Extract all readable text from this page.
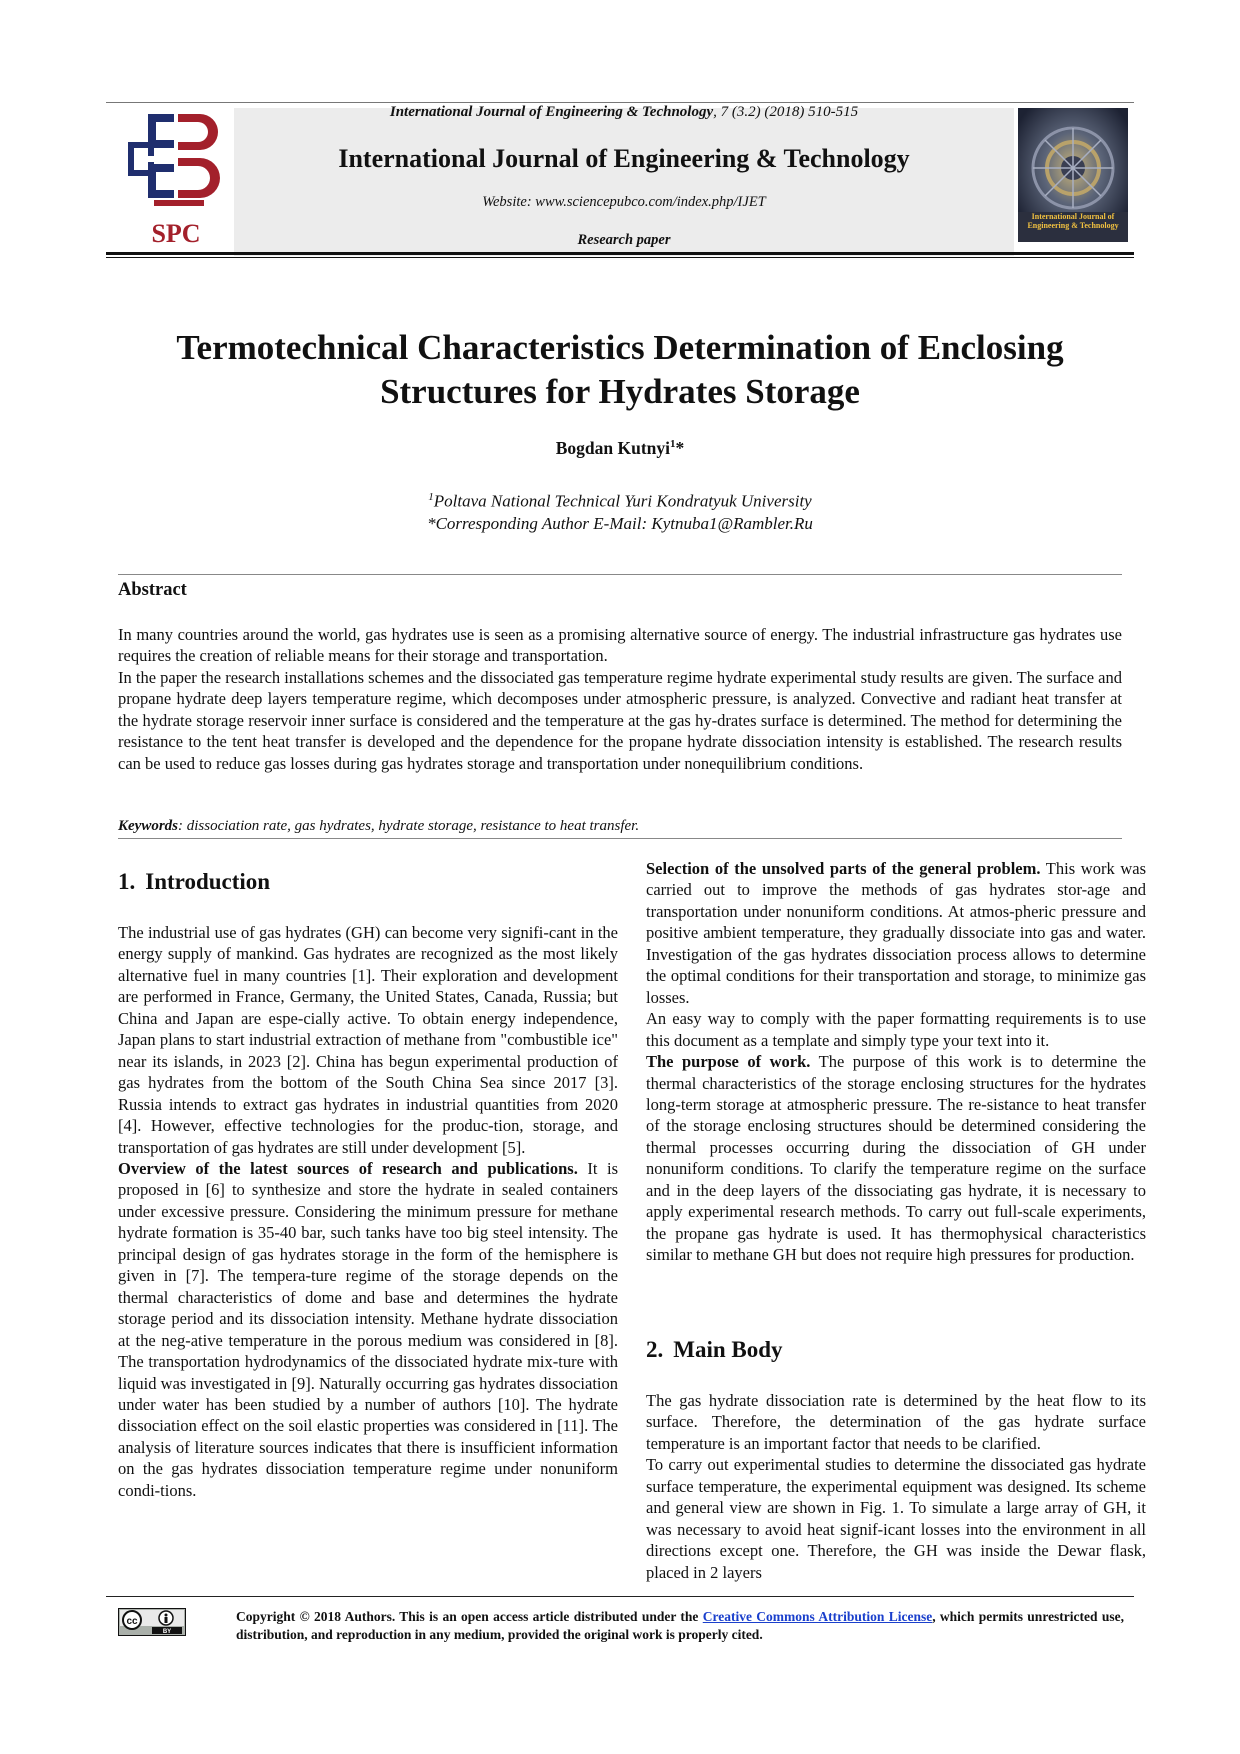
SPC
International Journal of Engineering & Technology
International Journal of Engineering & Technology, 7 (3.2) (2018) 510-515
International Journal of Engineering & Technology
Website: www.sciencepubco.com/index.php/IJET
Research paper
Termotechnical Characteristics Determination of Enclosing Structures for Hydrates Storage
Bogdan Kutnyi$^1$*
$^1$Poltava National Technical Yuri Kondratyuk University
*Corresponding Author E-Mail: Kytnuba1@Rambler.Ru
Abstract
In many countries around the world, gas hydrates use is seen as a promising alternative source of energy. The industrial infrastructure gas hydrates use requires the creation of reliable means for their storage and transportation.
In the paper the research installations schemes and the dissociated gas temperature regime hydrate experimental study results are given. The surface and propane hydrate deep layers temperature regime, which decomposes under atmospheric pressure, is analyzed. Convective and radiant heat transfer at the hydrate storage reservoir inner surface is considered and the temperature at the gas hy-drates surface is determined. The method for determining the resistance to the tent heat transfer is developed and the dependence for the propane hydrate dissociation intensity is established. The research results can be used to reduce gas losses during gas hydrates storage and transportation under nonequilibrium conditions.
Keywords: dissociation rate, gas hydrates, hydrate storage, resistance to heat transfer.
1. Introduction

The industrial use of gas hydrates (GH) can become very signifi-cant in the energy supply of mankind. Gas hydrates are recognized as the most likely alternative fuel in many countries [1]. Their exploration and development are performed in France, Germany, the United States, Canada, Russia; but China and Japan are espe-cially active. To obtain energy independence, Japan plans to start industrial extraction of methane from "combustible ice" near its islands, in 2023 [2]. China has begun experimental production of gas hydrates from the bottom of the South China Sea since 2017 [3]. Russia intends to extract gas hydrates in industrial quantities from 2020 [4]. However, effective technologies for the produc-tion, storage, and transportation of gas hydrates are still under development [5].

Overview of the latest sources of research and publications. It is proposed in [6] to synthesize and store the hydrate in sealed containers under excessive pressure. Considering the minimum pressure for methane hydrate formation is 35-40 bar, such tanks have too big steel intensity. The principal design of gas hydrates storage in the form of the hemisphere is given in [7]. The tempera-ture regime of the storage depends on the thermal characteristics of dome and base and determines the hydrate storage period and its dissociation intensity. Methane hydrate dissociation at the neg-ative temperature in the porous medium was considered in [8]. The transportation hydrodynamics of the dissociated hydrate mix-ture with liquid was investigated in [9]. Naturally occurring gas hydrates dissociation under water has been studied by a number of authors [10]. The hydrate dissociation effect on the soil elastic properties was considered in [11]. The analysis of literature sources indicates that there is insufficient information on the gas hydrates dissociation temperature regime under nonuniform condi-tions.

Selection of the unsolved parts of the general problem. This work was carried out to improve the methods of gas hydrates stor-age and transportation under nonuniform conditions. At atmos-pheric pressure and positive ambient temperature, they gradually dissociate into gas and water. Investigation of the gas hydrates dissociation process allows to determine the optimal conditions for their transportation and storage, to minimize gas losses.

An easy way to comply with the paper formatting requirements is to use this document as a template and simply type your text into it.

The purpose of work. The purpose of this work is to determine the thermal characteristics of the storage enclosing structures for the hydrates long-term storage at atmospheric pressure. The re-sistance to heat transfer of the storage enclosing structures should be determined considering the thermal processes occurring during the dissociation of GH under nonuniform conditions. To clarify the temperature regime on the surface and in the deep layers of the dissociating gas hydrate, it is necessary to apply experimental research methods. To carry out full-scale experiments, the propane gas hydrate is used. It has thermophysical characteristics similar to methane GH but does not require high pressures for production.

2. Main Body

The gas hydrate dissociation rate is determined by the heat flow to its surface. Therefore, the determination of the gas hydrate surface temperature is an important factor that needs to be clarified.

To carry out experimental studies to determine the dissociated gas hydrate surface temperature, the experimental equipment was designed. Its scheme and general view are shown in Fig. 1. To simulate a large array of GH, it was necessary to avoid heat signif-icant losses into the environment in all directions except one. Therefore, the GH was inside the Dewar flask, placed in 2 layers

cc
BY
Copyright © 2018 Authors. This is an open access article distributed under the Creative Commons Attribution License, which permits unrestricted use, distribution, and reproduction in any medium, provided the original work is properly cited.
